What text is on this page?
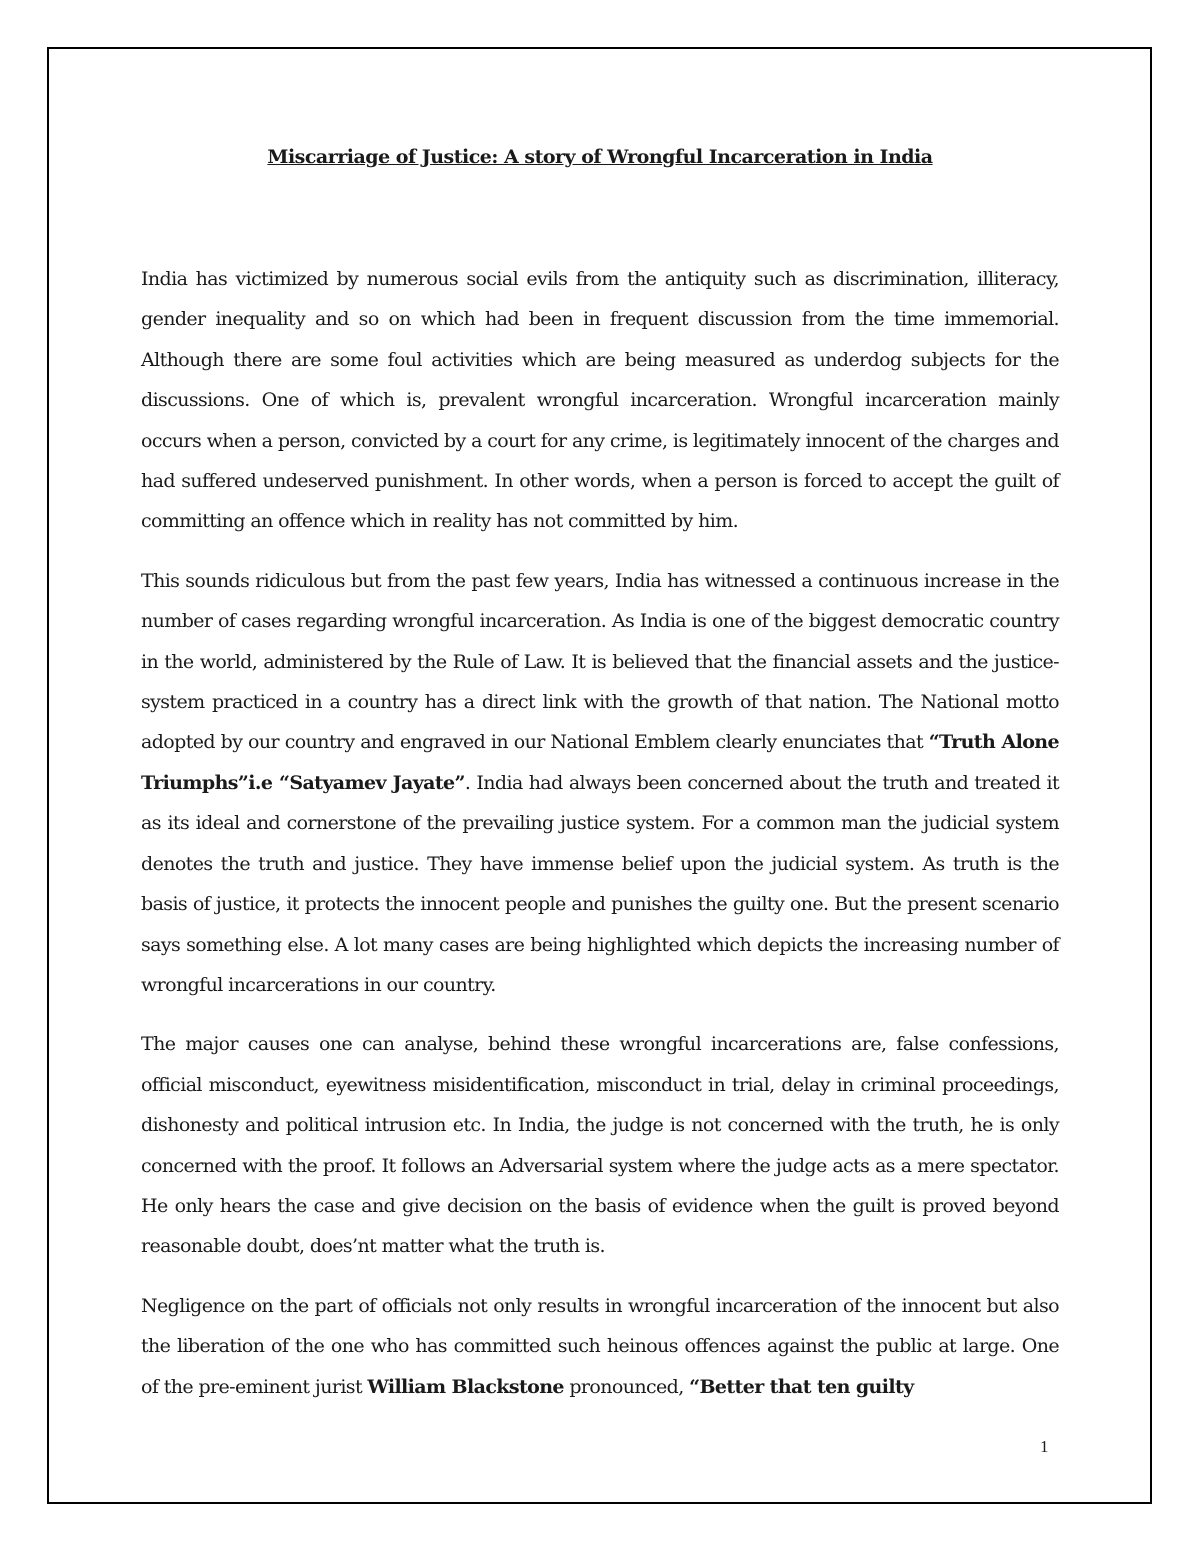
Miscarriage of Justice: A story of Wrongful Incarceration in India

India has victimized by numerous social evils from the antiquity such as discrimination, illiteracy, gender inequality and so on which had been in frequent discussion from the time immemorial. Although there are some foul activities which are being measured as underdog subjects for the discussions. One of which is, prevalent wrongful incarceration. Wrongful incarceration mainly occurs when a person, convicted by a court for any crime, is legitimately innocent of the charges and had suffered undeserved punishment. In other words, when a person is forced to accept the guilt of committing an offence which in reality has not committed by him.

This sounds ridiculous but from the past few years, India has witnessed a continuous increase in the number of cases regarding wrongful incarceration. As India is one of the biggest democratic country in the world, administered by the Rule of Law. It is believed that the financial assets and the justice-system practiced in a country has a direct link with the growth of that nation. The National motto adopted by our country and engraved in our National Emblem clearly enunciates that “Truth Alone Triumphs”i.e “Satyamev Jayate”. India had always been concerned about the truth and treated it as its ideal and cornerstone of the prevailing justice system. For a common man the judicial system denotes the truth and justice. They have immense belief upon the judicial system. As truth is the basis of justice, it protects the innocent people and punishes the guilty one. But the present scenario says something else. A lot many cases are being highlighted which depicts the increasing number of wrongful incarcerations in our country.

The major causes one can analyse, behind these wrongful incarcerations are, false confessions, official misconduct, eyewitness misidentification, misconduct in trial, delay in criminal proceedings, dishonesty and political intrusion etc. In India, the judge is not concerned with the truth, he is only concerned with the proof. It follows an Adversarial system where the judge acts as a mere spectator. He only hears the case and give decision on the basis of evidence when the guilt is proved beyond reasonable doubt, does’nt matter what the truth is.

Negligence on the part of officials not only results in wrongful incarceration of the innocent but also the liberation of the one who has committed such heinous offences against the public at large. One of the pre-eminent jurist William Blackstone pronounced, “Better that ten guilty

1
